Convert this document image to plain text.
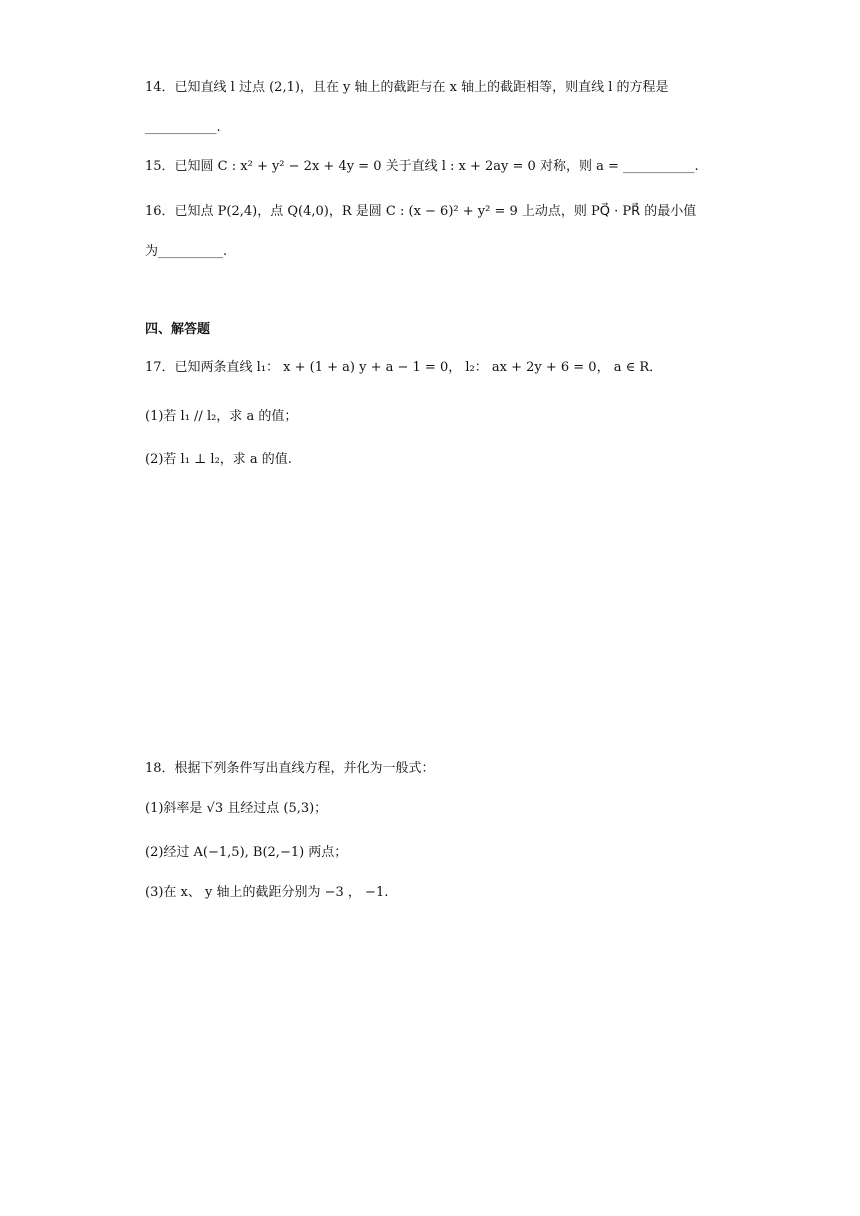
14．已知直线 l 过点 (2,1)，且在 y 轴上的截距与在 x 轴上的截距相等，则直线 l 的方程是
___________.
15．已知圆 C : x² + y² − 2x + 4y = 0 关于直线 l : x + 2ay = 0 对称，则 a = ___________.
16．已知点 P(2,4)，点 Q(4,0)，R 是圆 C : (x − 6)² + y² = 9 上动点，则 PQ⃗ · PR⃗ 的最小值
为__________.
四、解答题
17．已知两条直线 l₁： x + (1 + a) y + a − 1 = 0， l₂： ax + 2y + 6 = 0， a ∈ R．
(1)若 l₁ // l₂，求 a 的值；
(2)若 l₁ ⊥ l₂，求 a 的值.
18．根据下列条件写出直线方程，并化为一般式：
(1)斜率是 √3 且经过点 (5,3)；
(2)经过 A(−1,5), B(2,−1) 两点；
(3)在 x、 y 轴上的截距分别为 −3 ， −1.
